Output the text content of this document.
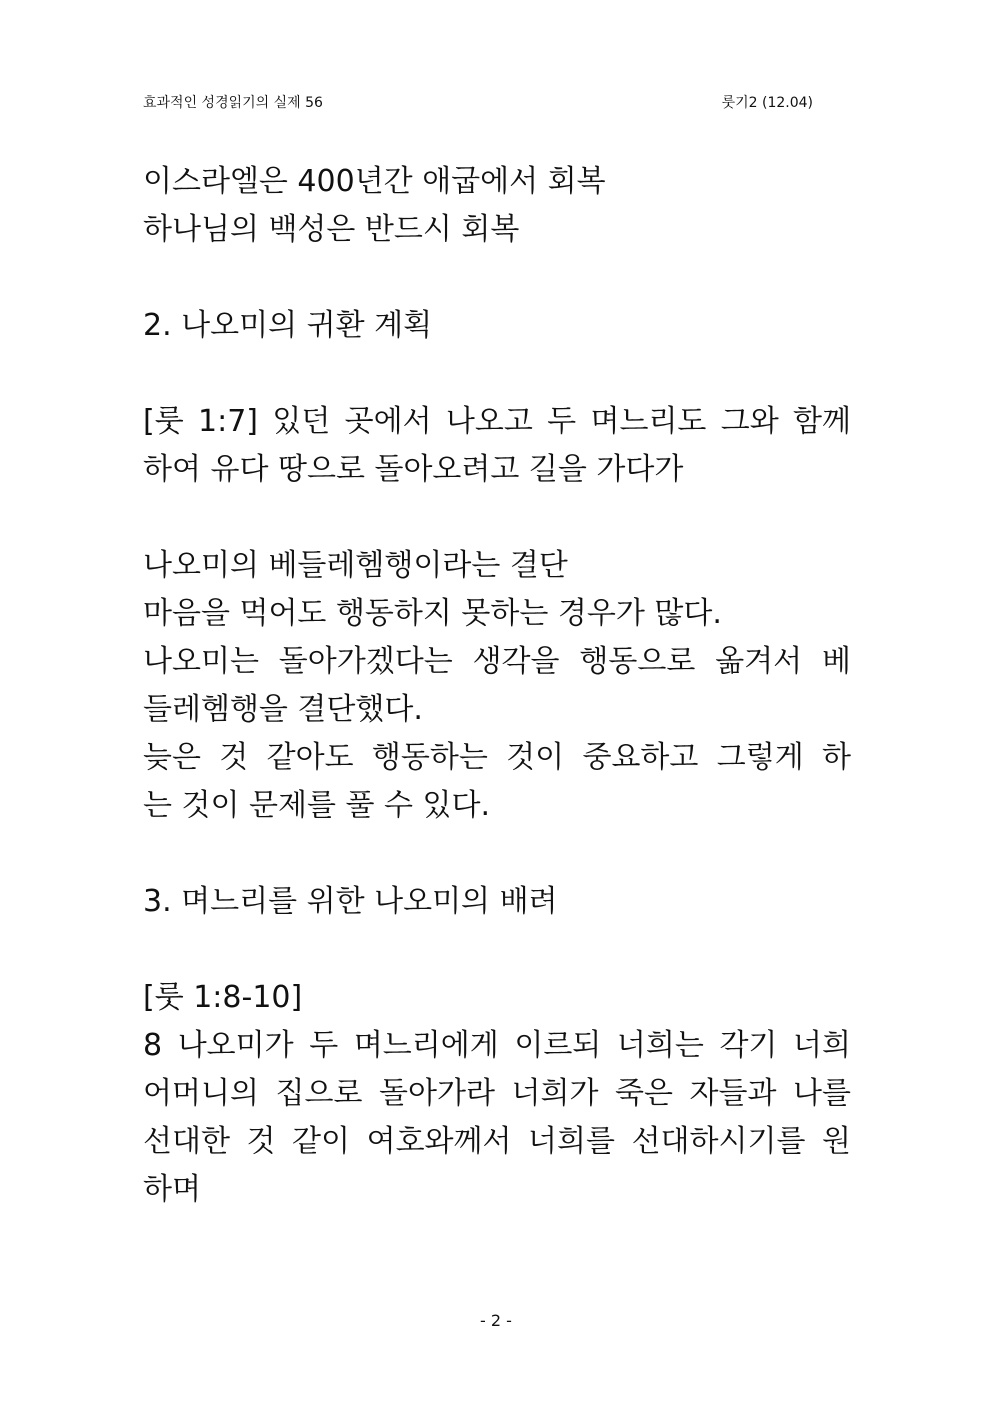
효과적인 성경읽기의 실제 56	룻기2 (12.04)
이스라엘은 400년간 애굽에서 회복
하나님의 백성은 반드시 회복
2. 나오미의 귀환 계획
[룻 1:7] 있던 곳에서 나오고 두 며느리도 그와 함께
하여 유다 땅으로 돌아오려고 길을 가다가
나오미의 베들레헴행이라는 결단
마음을 먹어도 행동하지 못하는 경우가 많다.
나오미는 돌아가겠다는 생각을 행동으로 옮겨서 베
들레헴행을 결단했다.
늦은 것 같아도 행동하는 것이 중요하고 그렇게 하
는 것이 문제를 풀 수 있다.
3. 며느리를 위한 나오미의 배려
[룻 1:8-10]
8 나오미가 두 며느리에게 이르되 너희는 각기 너희
어머니의 집으로 돌아가라 너희가 죽은 자들과 나를
선대한 것 같이 여호와께서 너희를 선대하시기를 원
하며
- 2 -
